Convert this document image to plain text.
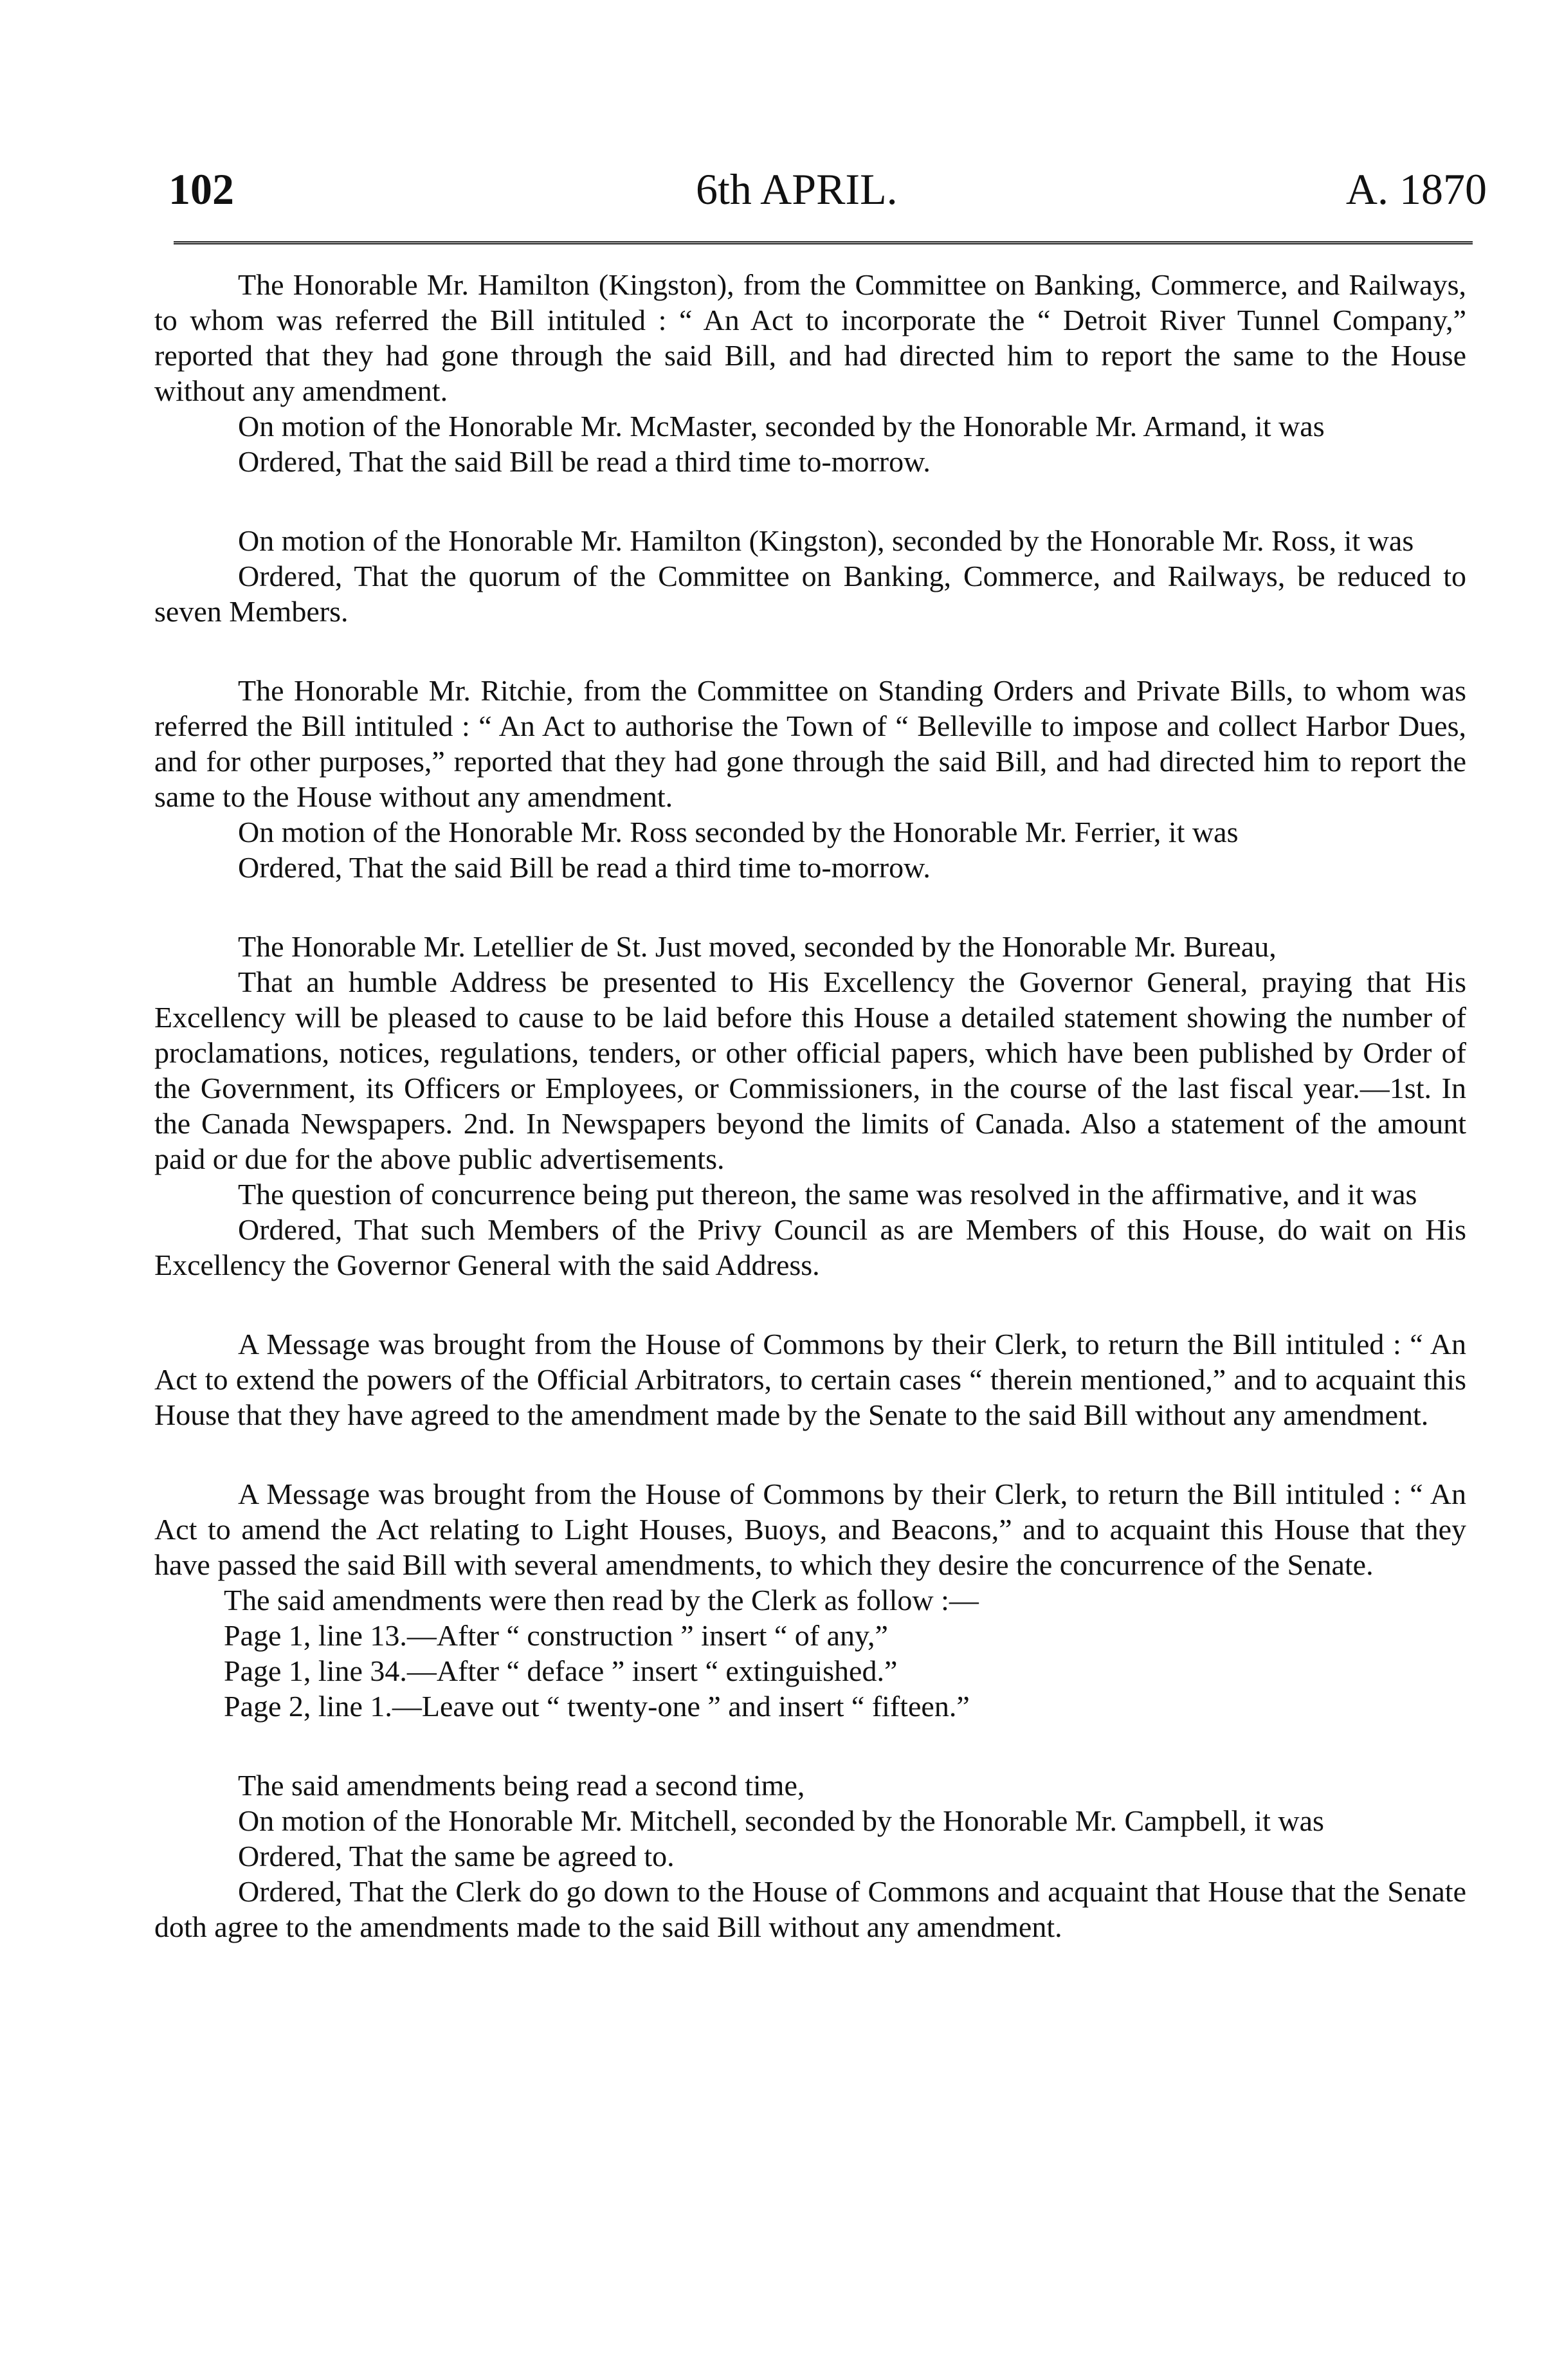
102	6th APRIL.	A. 1870

The Honorable Mr. Hamilton (Kingston), from the Committee on Banking, Commerce, and Railways, to whom was referred the Bill intituled : “ An Act to incorporate the “ Detroit River Tunnel Company,” reported that they had gone through the said Bill, and had directed him to report the same to the House without any amendment.

On motion of the Honorable Mr. McMaster, seconded by the Honorable Mr. Armand, it was

Ordered, That the said Bill be read a third time to-morrow.

On motion of the Honorable Mr. Hamilton (Kingston), seconded by the Honorable Mr. Ross, it was

Ordered, That the quorum of the Committee on Banking, Commerce, and Railways, be reduced to seven Members.

The Honorable Mr. Ritchie, from the Committee on Standing Orders and Private Bills, to whom was referred the Bill intituled : “ An Act to authorise the Town of “ Belleville to impose and collect Harbor Dues, and for other purposes,” reported that they had gone through the said Bill, and had directed him to report the same to the House without any amendment.

On motion of the Honorable Mr. Ross seconded by the Honorable Mr. Ferrier, it was

Ordered, That the said Bill be read a third time to-morrow.

The Honorable Mr. Letellier de St. Just moved, seconded by the Honorable Mr. Bureau,

That an humble Address be presented to His Excellency the Governor General, praying that His Excellency will be pleased to cause to be laid before this House a detailed statement showing the number of proclamations, notices, regulations, tenders, or other official papers, which have been published by Order of the Government, its Officers or Employees, or Commissioners, in the course of the last fiscal year.—1st. In the Canada Newspapers. 2nd. In Newspapers beyond the limits of Canada. Also a statement of the amount paid or due for the above public advertisements.

The question of concurrence being put thereon, the same was resolved in the affirmative, and it was

Ordered, That such Members of the Privy Council as are Members of this House, do wait on His Excellency the Governor General with the said Address.

A Message was brought from the House of Commons by their Clerk, to return the Bill intituled : “ An Act to extend the powers of the Official Arbitrators, to certain cases “ therein mentioned,” and to acquaint this House that they have agreed to the amendment made by the Senate to the said Bill without any amendment.

A Message was brought from the House of Commons by their Clerk, to return the Bill intituled : “ An Act to amend the Act relating to Light Houses, Buoys, and Beacons,” and to acquaint this House that they have passed the said Bill with several amendments, to which they desire the concurrence of the Senate.

The said amendments were then read by the Clerk as follow :—

Page 1, line 13.—After “ construction ” insert “ of any,”

Page 1, line 34.—After “ deface ” insert “ extinguished.”

Page 2, line 1.—Leave out “ twenty-one ” and insert “ fifteen.”

The said amendments being read a second time,

On motion of the Honorable Mr. Mitchell, seconded by the Honorable Mr. Campbell, it was

Ordered, That the same be agreed to.

Ordered, That the Clerk do go down to the House of Commons and acquaint that House that the Senate doth agree to the amendments made to the said Bill without any amendment.
